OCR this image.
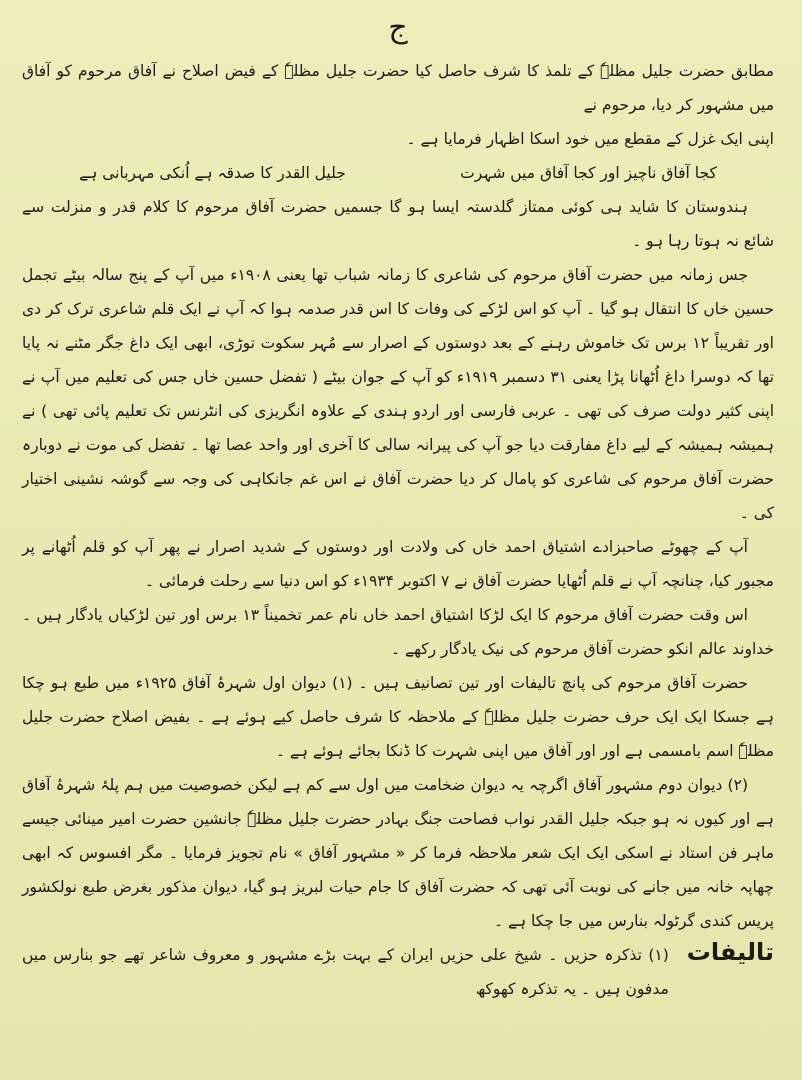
ج

مطابق حضرت جلیل مظلہٗ کے تلمذ کا شرف حاصل کیا حضرت جلیل مظلہٗ کے فیض اصلاح نے آفاق مرحوم کو آفاق میں مشہور کر دیا، مرحوم نے

اپنی ایک غزل کے مقطع میں خود اسکا اظہار فرمایا ہے ۔

کجا آفاق ناچیز اور کجا آفاق میں شہرت
جلیل القدر کا صدقہ ہے اُنکی مہربانی ہے

ہندوستان کا شاید ہی کوئی ممتاز گلدستہ ایسا ہو گا جسمیں حضرت آفاق مرحوم کا کلام قدر و منزلت سے شائع نہ ہوتا رہا ہو ۔

جس زمانہ میں حضرت آفاق مرحوم کی شاعری کا زمانہ شباب تھا یعنی ۱۹۰۸ء میں آپ کے پنج سالہ بیٹے تجمل حسین خاں کا انتقال ہو گیا ۔ آپ کو اس لڑکے کی وفات کا اس قدر صدمہ ہوا کہ آپ نے ایک قلم شاعری ترک کر دی اور تقریباً ۱۲ برس تک خاموش رہنے کے بعد دوستوں کے اصرار سے مُہر سکوت توڑی، ابھی ایک داغ جگر مٹنے نہ پایا تھا کہ دوسرا داغ اُٹھانا پڑا یعنی ۳۱ دسمبر ۱۹۱۹ء کو آپ کے جوان بیٹے ( تفضل حسین خاں جس کی تعلیم میں آپ نے اپنی کثیر دولت صرف کی تھی ۔ عربی فارسی اور اردو ہندی کے علاوہ انگریزی کی انٹرنس تک تعلیم پائی تھی ) نے ہمیشہ ہمیشہ کے لیے داغ مفارقت دیا جو آپ کی پیرانہ سالی کا آخری اور واحد عصا تھا ۔ تفضل کی موت نے دوبارہ حضرت آفاق مرحوم کی شاعری کو پامال کر دیا حضرت آفاق نے اس غم جانکاہی کی وجہ سے گوشہ نشینی اختیار کی ۔

آپ کے چھوٹے صاحبزادے اشتیاق احمد خاں کی ولادت اور دوستوں کے شدید اصرار نے پھر آپ کو قلم اُٹھانے پر مجبور کیا، چنانچہ آپ نے قلم اُٹھایا حضرت آفاق نے ۷ اکتوبر ۱۹۳۴ء کو اس دنیا سے رحلت فرمائی ۔

اس وقت حضرت آفاق مرحوم کا ایک لڑکا اشتیاق احمد خاں نام عمر تخمیناً ۱۳ برس اور تین لڑکیاں یادگار ہیں ۔ خداوند عالم انکو حضرت آفاق مرحوم کی نیک یادگار رکھے ۔

حضرت آفاق مرحوم کی پانچ تالیفات اور تین تصانیف ہیں ۔ (۱) دیوان اول شہرۂ آفاق ۱۹۲۵ء میں طبع ہو چکا ہے جسکا ایک ایک حرف حضرت جلیل مظلہٗ کے ملاحظہ کا شرف حاصل کیے ہوئے ہے ۔ بفیض اصلاح حضرت جلیل مظلہٗ اسم بامسمی ہے اور اور آفاق میں اپنی شہرت کا ڈنکا بجائے ہوئے ہے ۔

(۲) دیوان دوم مشہور آفاق اگرچہ یہ دیوان ضخامت میں اول سے کم ہے لیکن خصوصیت میں ہم پلۂ شہرۂ آفاق ہے اور کیوں نہ ہو جبکہ جلیل القدر نواب فصاحت جنگ بہادر حضرت جلیل مظلہٗ جانشین حضرت امیر مینائی جیسے ماہر فن استاد نے اسکی ایک ایک شعر ملاحظہ فرما کر « مشہور آفاق » نام تجویز فرمایا ۔ مگر افسوس کہ ابھی چھاپہ خانہ میں جانے کی نوبت آئی تھی کہ حضرت آفاق کا جام حیات لبریز ہو گیا، دیوان مذکور بغرض طبع نولکشور پریس کندی گرٹولہ بنارس میں جا چکا ہے ۔

تالیفات

(۱) تذکرہ حزیں ۔ شیخ علی حزیں ایران کے بہت بڑے مشہور و معروف شاعر تھے جو بنارس میں مدفون ہیں ۔ یہ تذکرہ کھوکھ
